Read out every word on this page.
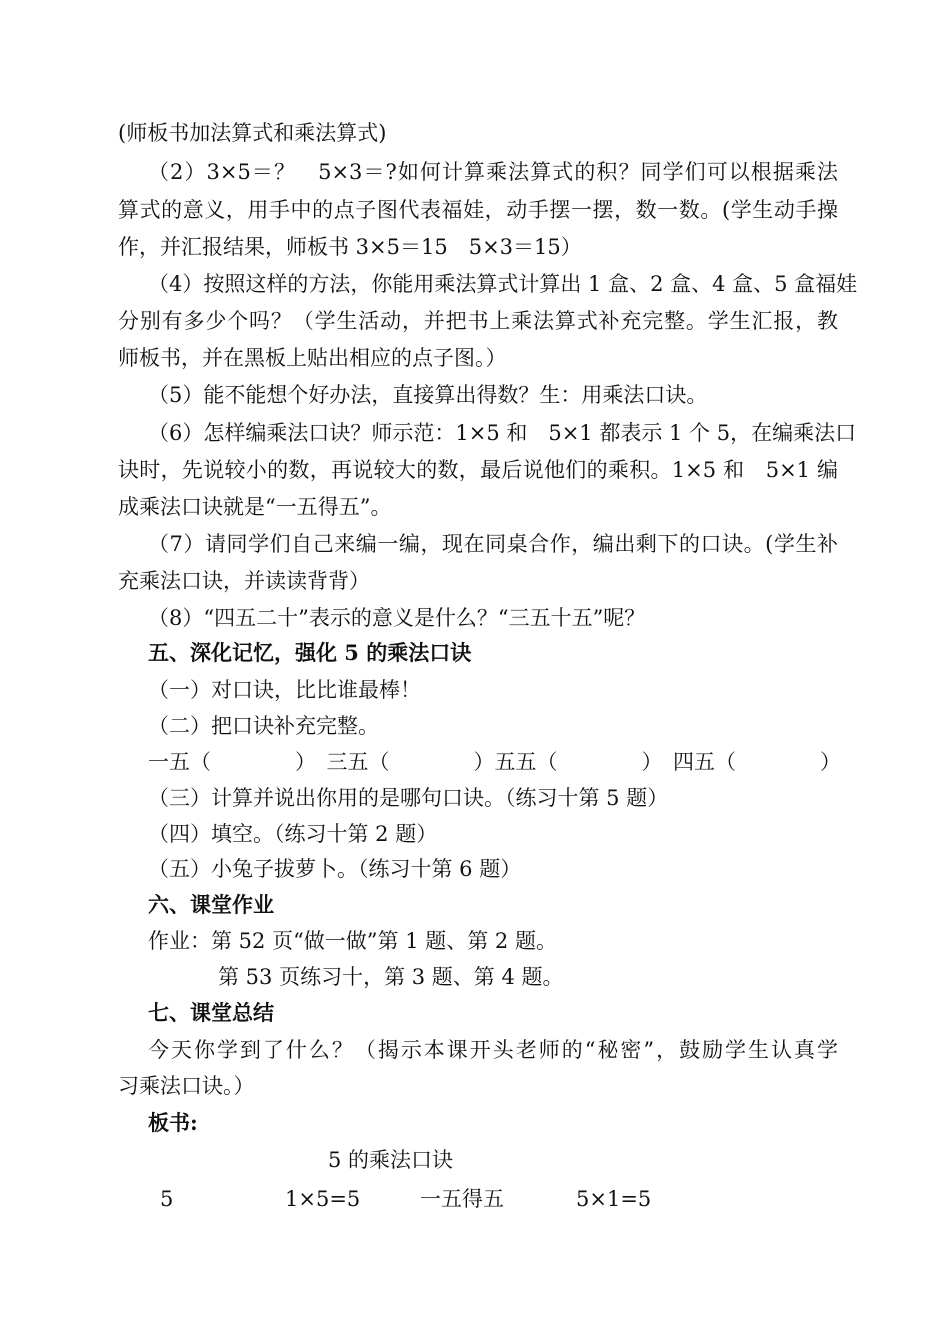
(师板书加法算式和乘法算式)
（2）3×5＝？　5×3＝?如何计算乘法算式的积？同学们可以根据乘法
算式的意义，用手中的点子图代表福娃，动手摆一摆，数一数。(学生动手操
作，并汇报结果，师板书 3×5＝15　5×3＝15）
（4）按照这样的方法，你能用乘法算式计算出 1 盒、2 盒、4 盒、5 盒福娃
分别有多少个吗？（学生活动，并把书上乘法算式补充完整。学生汇报，教
师板书，并在黑板上贴出相应的点子图。）
（5）能不能想个好办法，直接算出得数？生：用乘法口诀。
（6）怎样编乘法口诀？师示范：1×5 和　5×1 都表示 1 个 5，在编乘法口
诀时，先说较小的数，再说较大的数，最后说他们的乘积。1×5 和　5×1 编
成乘法口诀就是“一五得五”。
（7）请同学们自己来编一编，现在同桌合作，编出剩下的口诀。(学生补
充乘法口诀，并读读背背）
（8）“四五二十”表示的意义是什么？“三五十五”呢？
五、深化记忆，强化 5 的乘法口诀
（一）对口诀，比比谁最棒！
（二）把口诀补充完整。
一五（　　　　）　三五（　　　　）五五（　　　　）　四五（　　　　）
（三）计算并说出你用的是哪句口诀。（练习十第 5 题）
（四）填空。（练习十第 2 题）
（五）小兔子拔萝卜。（练习十第 6 题）
六、课堂作业
作业：第 52 页“做一做”第 1 题、第 2 题。
第 53 页练习十，第 3 题、第 4 题。
七、课堂总结
今天你学到了什么？（揭示本课开头老师的“秘密”，鼓励学生认真学
习乘法口诀。）
板书:
5 的乘法口诀
5	1×5=5	一五得五	5×1=5
